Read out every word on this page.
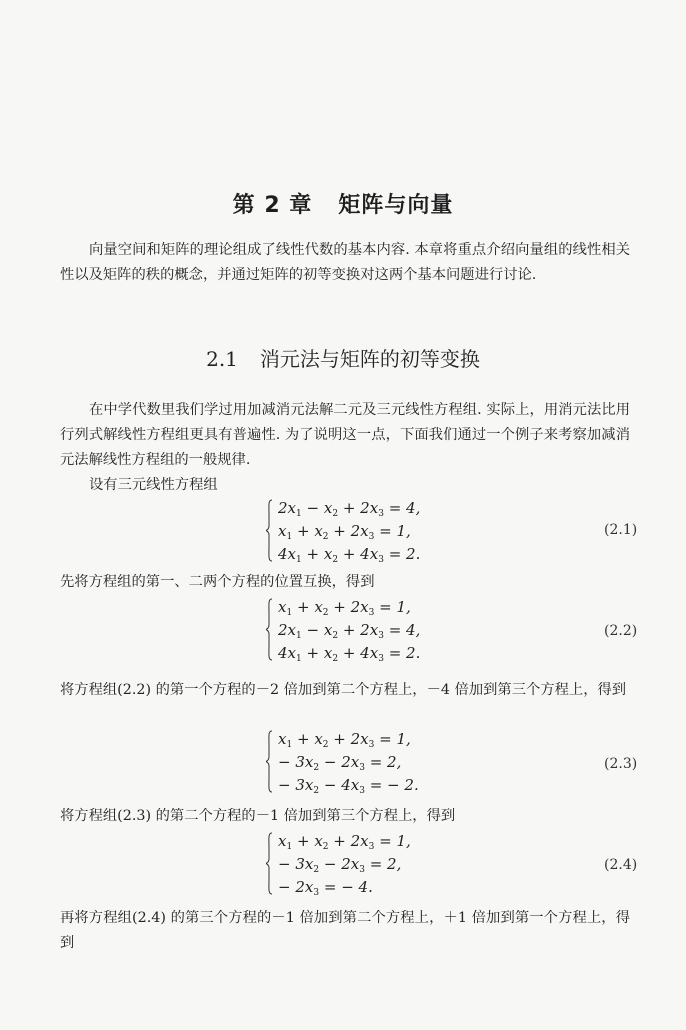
第 2 章 矩阵与向量

向量空间和矩阵的理论组成了线性代数的基本内容. 本章将重点介绍向量组的线性相关性以及矩阵的秩的概念，并通过矩阵的初等变换对这两个基本问题进行讨论.

2.1 消元法与矩阵的初等变换

在中学代数里我们学过用加减消元法解二元及三元线性方程组. 实际上，用消元法比用行列式解线性方程组更具有普遍性. 为了说明这一点，下面我们通过一个例子来考察加减消元法解线性方程组的一般规律.

设有三元线性方程组

$2x_1 - x_2 + 2x_3 = 4$,
$x_1 + x_2 + 2x_3 = 1$,
$4x_1 + x_2 + 4x_3 = 2$.
(2.1)

先将方程组的第一、二两个方程的位置互换，得到

$x_1 + x_2 + 2x_3 = 1$,
$2x_1 - x_2 + 2x_3 = 4$,
$4x_1 + x_2 + 4x_3 = 2$.
(2.2)

将方程组(2.2) 的第一个方程的－2 倍加到第二个方程上，－4 倍加到第三个方程上，得到

$x_1 + x_2 + 2x_3 = 1$,
− $3x_2 - 2x_3 = 2$,
− $3x_2 - 4x_3$ = − 2.
(2.3)

将方程组(2.3) 的第二个方程的－1 倍加到第三个方程上，得到

$x_1 + x_2 + 2x_3 = 1$,
− $3x_2 - 2x_3 = 2$,
− $2x_3$ = − 4.
(2.4)

再将方程组(2.4) 的第三个方程的－1 倍加到第二个方程上，＋1 倍加到第一个方程上，得到
